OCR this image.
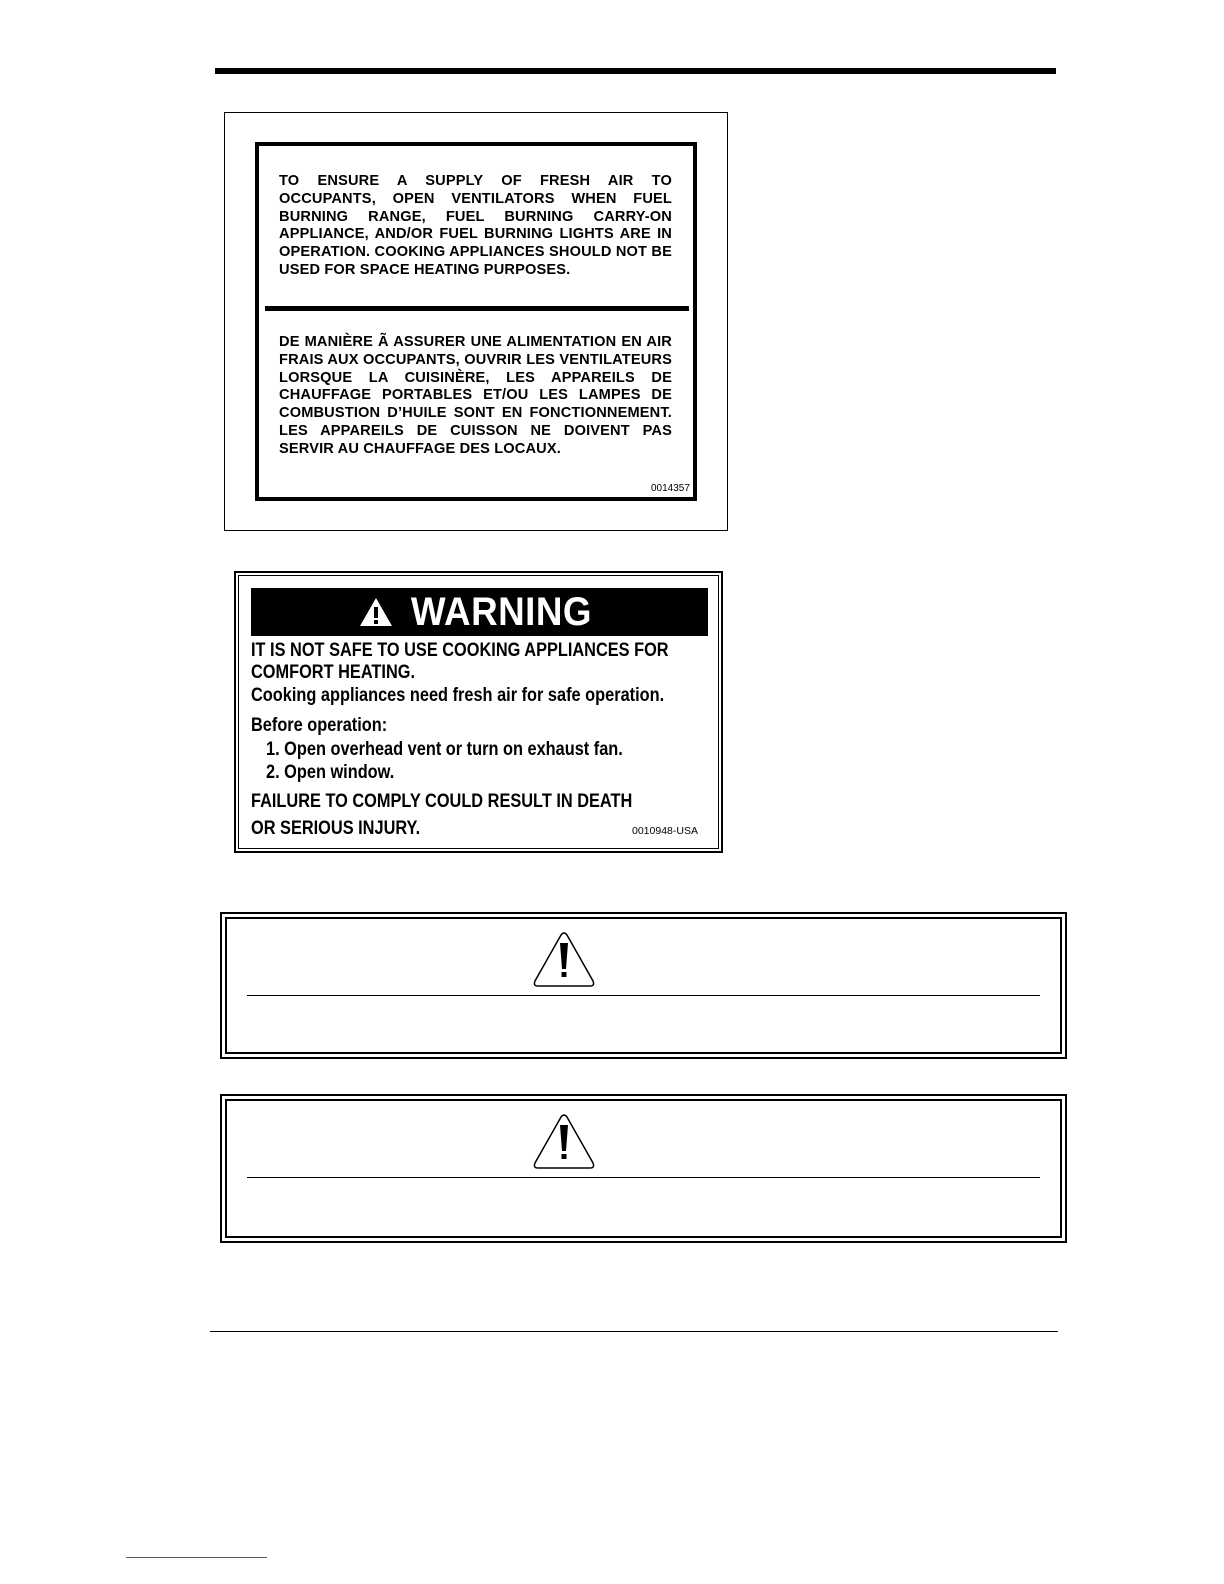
TO ENSURE A SUPPLY OF FRESH AIR TO OCCUPANTS, OPEN VENTILATORS WHEN FUEL BURNING RANGE, FUEL BURNING CARRY-ON APPLIANCE, AND/OR FUEL BURNING LIGHTS ARE IN OPERATION. COOKING APPLIANCES SHOULD NOT BE USED FOR SPACE HEATING PURPOSES.
DE MANIÈRE Ã ASSURER UNE ALIMENTATION EN AIR FRAIS AUX OCCUPANTS, OUVRIR LES VENTILATEURS LORSQUE LA CUISINÈRE, LES APPAREILS DE CHAUFFAGE PORTABLES ET/OU LES LAMPES DE COMBUSTION D’HUILE SONT EN FONCTIONNEMENT. LES APPAREILS DE CUISSON NE DOIVENT PAS SERVIR AU CHAUFFAGE DES LOCAUX.
0014357
WARNING
IT IS NOT SAFE TO USE COOKING APPLIANCES FOR
COMFORT HEATING.
Cooking appliances need fresh air for safe operation.
Before operation:
1. Open overhead vent or turn on exhaust fan.
2. Open window.
FAILURE TO COMPLY COULD RESULT IN DEATH
OR SERIOUS INJURY.	0010948-USA
